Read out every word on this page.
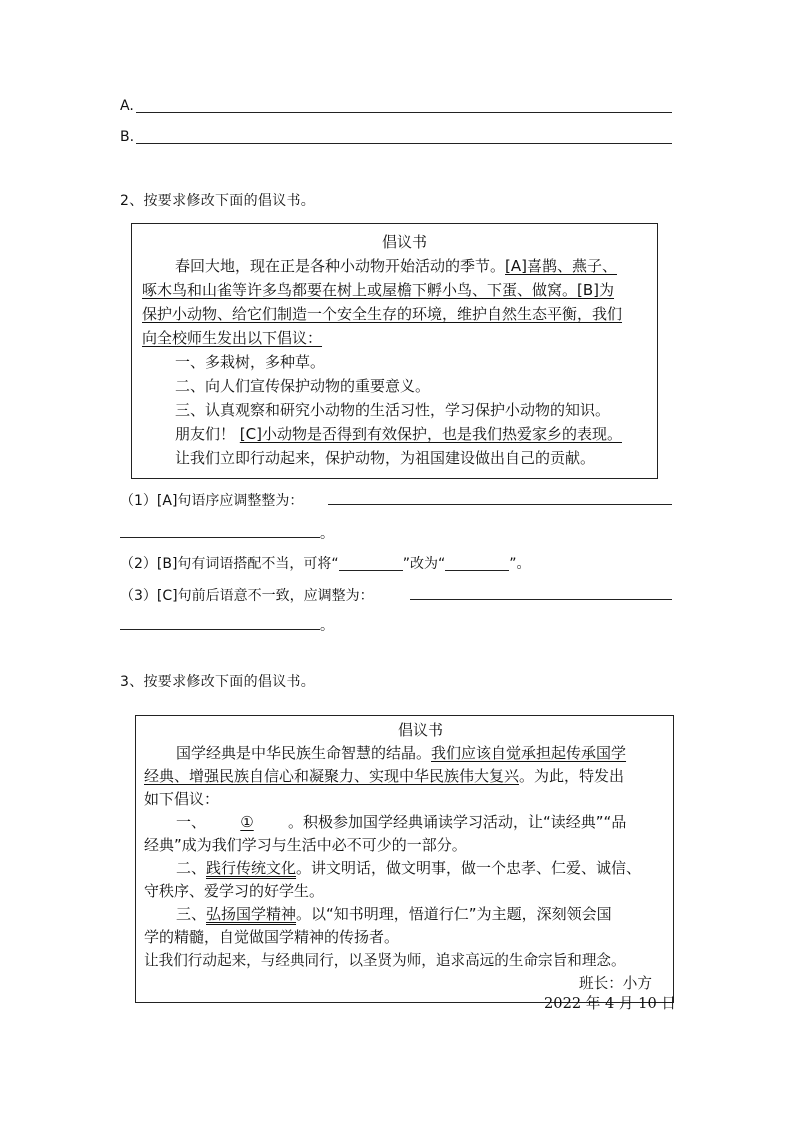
A.
B.
2、按要求修改下面的倡议书。
倡议书
春回大地，现在正是各种小动物开始活动的季节。[A]喜鹊、燕子、
啄木鸟和山雀等许多鸟都要在树上或屋檐下孵小鸟、下蛋、做窝。[B]为
保护小动物、给它们制造一个安全生存的环境，维护自然生态平衡，我们
向全校师生发出以下倡议：
一、多栽树，多种草。
二、向人们宣传保护动物的重要意义。
三、认真观察和研究小动物的生活习性，学习保护小动物的知识。
朋友们！ [C]小动物是否得到有效保护，也是我们热爱家乡的表现。
让我们立即行动起来，保护动物，为祖国建设做出自己的贡献。
（1）[A]句语序应调整整为：
。
（2）[B]句有词语搭配不当，可将“	”改为“	”。
（3）[C]句前后语意不一致，应调整为：
。
3、按要求修改下面的倡议书。
倡议书
国学经典是中华民族生命智慧的结晶。我们应该自觉承担起传承国学
经典、增强民族自信心和凝聚力、实现中华民族伟大复兴。为此，特发出
如下倡议：
一、 ① 。积极参加国学经典诵读学习活动，让“读经典”“品
经典”成为我们学习与生活中必不可少的一部分。
二、践行传统文化。讲文明话，做文明事，做一个忠孝、仁爱、诚信、
守秩序、爱学习的好学生。
三、弘扬国学精神。以“知书明理，悟道行仁”为主题，深刻领会国
学的精髓，自觉做国学精神的传扬者。
让我们行动起来，与经典同行，以圣贤为师，追求高远的生命宗旨和理念。
班长：小方
2022 年 4 月 10 日
